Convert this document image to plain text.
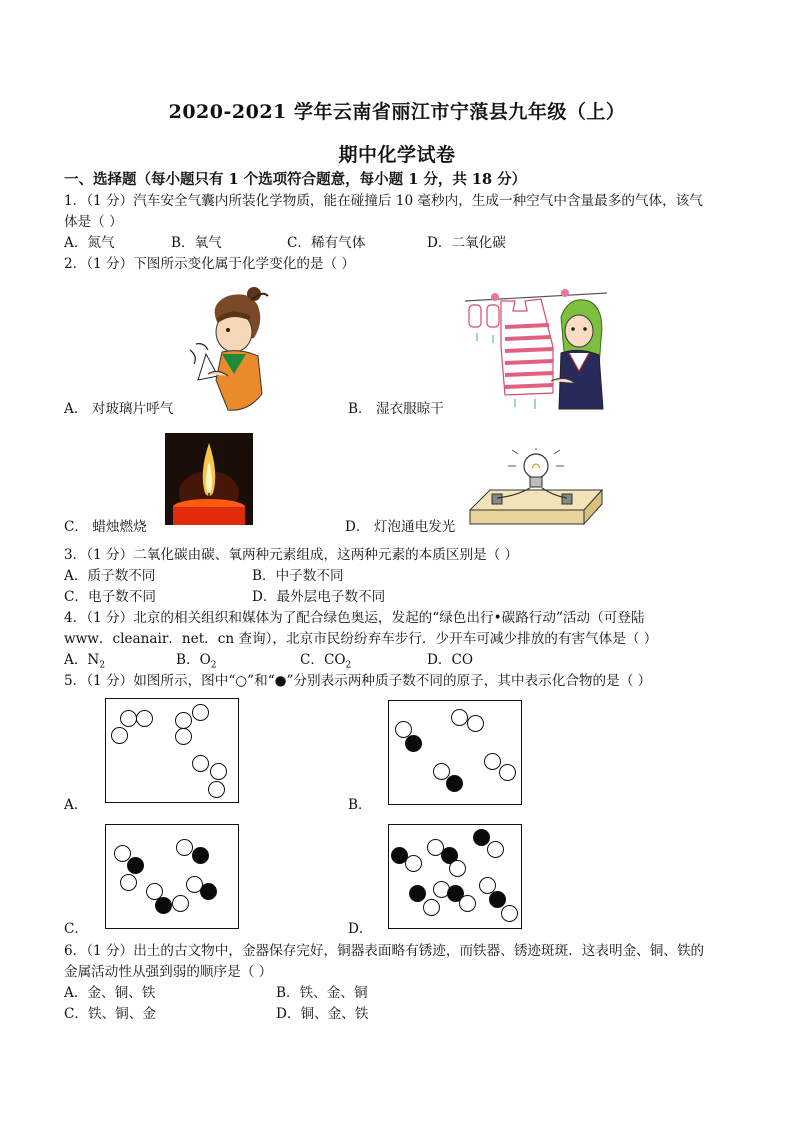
2020-2021 学年云南省丽江市宁蒗县九年级（上）
期中化学试卷
一、选择题（每小题只有 1 个选项符合题意，每小题 1 分，共 18 分）
1．（1 分）汽车安全气囊内所装化学物质，能在碰撞后 10 毫秒内，生成一种空气中含量最多的气体，该气
体是（ ）
A．氮气	B．氧气	C．稀有气体	D．二氧化碳
2．（1 分）下图所示变化属于化学变化的是（ ）
A． 对玻璃片呼气	B． 湿衣服晾干
C． 蜡烛燃烧	D． 灯泡通电发光
3．（1 分）二氧化碳由碳、氧两种元素组成，这两种元素的本质区别是（ ）
A．质子数不同	B．中子数不同
C．电子数不同	D．最外层电子数不同
4．（1 分）北京的相关组织和媒体为了配合绿色奥运，发起的“绿色出行•碳路行动”活动（可登陆
www．cleanair．net．cn 查询），北京市民纷纷弃车步行．少开车可减少排放的有害气体是（ ）
A．$N_2$	B．$O_2$	C．$CO_2$	D．CO
5．（1 分）如图所示，图中“○”和“●”分别表示两种质子数不同的原子，其中表示化合物的是（ ）
A．	B．
C．	D．
6．（1 分）出土的古文物中，金器保存完好，铜器表面略有锈迹，而铁器、锈迹斑斑．这表明金、铜、铁的
金属活动性从强到弱的顺序是（ ）
A．金、铜、铁	B．铁、金、铜
C．铁、铜、金	D．铜、金、铁
